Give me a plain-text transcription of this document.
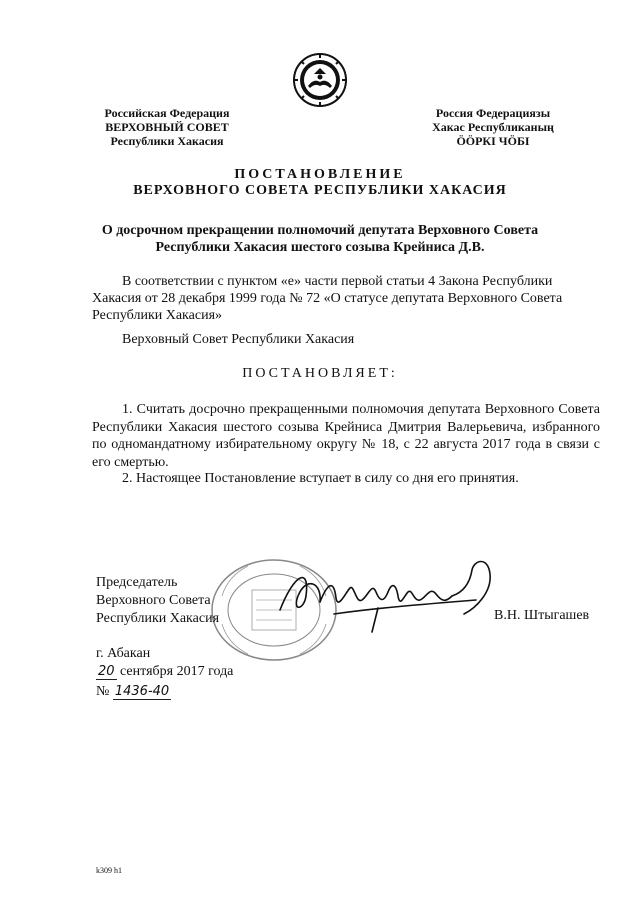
Российская Федерация
ВЕРХОВНЫЙ СОВЕТ
Республики Хакасия
Россия Федерациязы
Хакас Республиканың
ӦӦРКІ ЧӦБІ
ПОСТАНОВЛЕНИЕ
ВЕРХОВНОГО СОВЕТА РЕСПУБЛИКИ ХАКАСИЯ
О досрочном прекращении полномочий депутата Верховного Совета
Республики Хакасия шестого созыва Крейниса Д.В.
В соответствии с пунктом «е» части первой статьи 4 Закона Республики Хакасия от 28 декабря 1999 года № 72 «О статусе депутата Верховного Совета Республики Хакасия»
Верховный Совет Республики Хакасия
ПОСТАНОВЛЯЕТ:
1. Считать досрочно прекращенными полномочия депутата Верховного Совета Республики Хакасия шестого созыва Крейниса Дмитрия Валерьевича, избранного по одномандатному избирательному округу № 18, с 22 августа 2017 года в связи с его смертью.
2. Настоящее Постановление вступает в силу со дня его принятия.
Председатель
Верховного Совета
Республики Хакасия	В.Н. Штыгашев
г. Абакан
20 сентября 2017 года
№ 1436-40
k309 h1
